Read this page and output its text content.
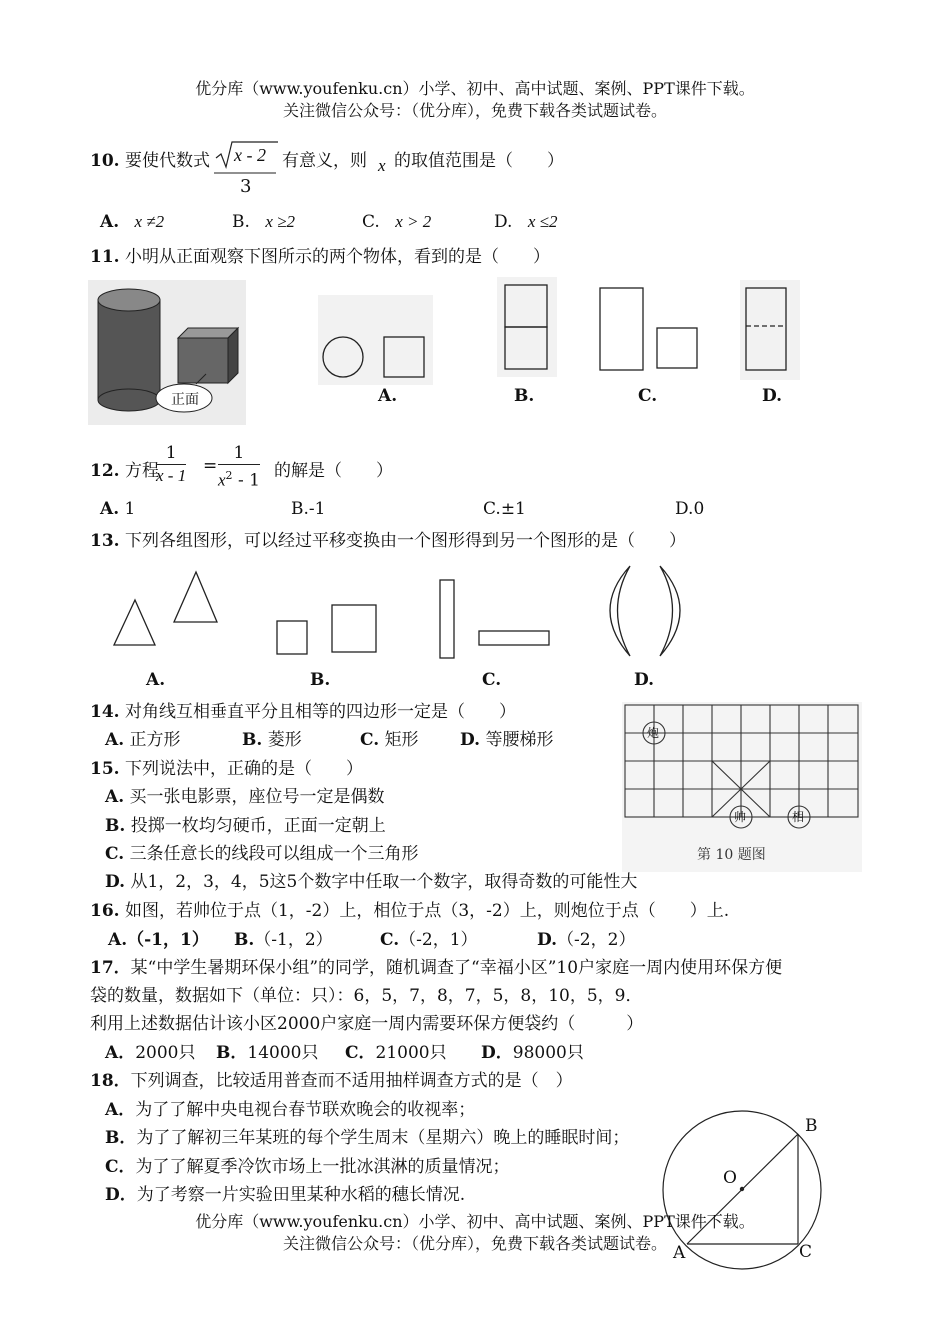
优分库（www.youfenku.cn）小学、初中、高中试题、案例、PPT课件下载。
关注微信公众号：（优分库），免费下载各类试题试卷。
10. 要使代数式 x - 2
3
有意义，则 x 的取值范围是（　　）
A. x ≠2	B. x ≥2	C. x > 2	D. x ≤2
11. 小明从正面观察下图所示的两个物体，看到的是（　　）
正面	A.	B.	C.	D.
12. 方程
$\frac{1}{x - 1} = \frac{1}{x^2 - 1}$ 的解是（　　）
A. 1	B.-1	C.±1	D.0
13. 下列各组图形，可以经过平移变换由一个图形得到另一个图形的是（　　）
A.	B.	C.	D.
14. 对角线互相垂直平分且相等的四边形一定是（　　）
A. 正方形	B. 菱形	C. 矩形 D. 等腰梯形	炮
帅	相
第 10 题图
15. 下列说法中，正确的是（　　）
A. 买一张电影票，座位号一定是偶数
B. 投掷一枚均匀硬币，正面一定朝上
C. 三条任意长的线段可以组成一个三角形
D. 从1，2，3，4，5这5个数字中任取一个数字，取得奇数的可能性大
16. 如图，若帅位于点（1，-2）上，相位于点（3，-2）上，则炮位于点（　　）上.
A.（-1，1） B.（-1，2）	C.（-2，1）	D.（-2，2）
17．某“中学生暑期环保小组”的同学，随机调查了“幸福小区”10户家庭一周内使用环保方便
袋的数量，数据如下（单位：只）：6，5，7，8，7，5，8，10，5，9．
利用上述数据估计该小区2000户家庭一周内需要环保方便袋约（　　　）
A．2000只 B．14000只 C．21000只 D．98000只
18．下列调查，比较适用普查而不适用抽样调查方式的是（　）
A．为了了解中央电视台春节联欢晚会的收视率；
B．为了了解初三年某班的每个学生周末（星期六）晚上的睡眠时间；
C．为了了解夏季冷饮市场上一批冰淇淋的质量情况；
D．为了考察一片实验田里某种水稻的穗长情况.
B
O
A	C
优分库（www.youfenku.cn）小学、初中、高中试题、案例、PPT课件下载。
关注微信公众号：（优分库），免费下载各类试题试卷。
